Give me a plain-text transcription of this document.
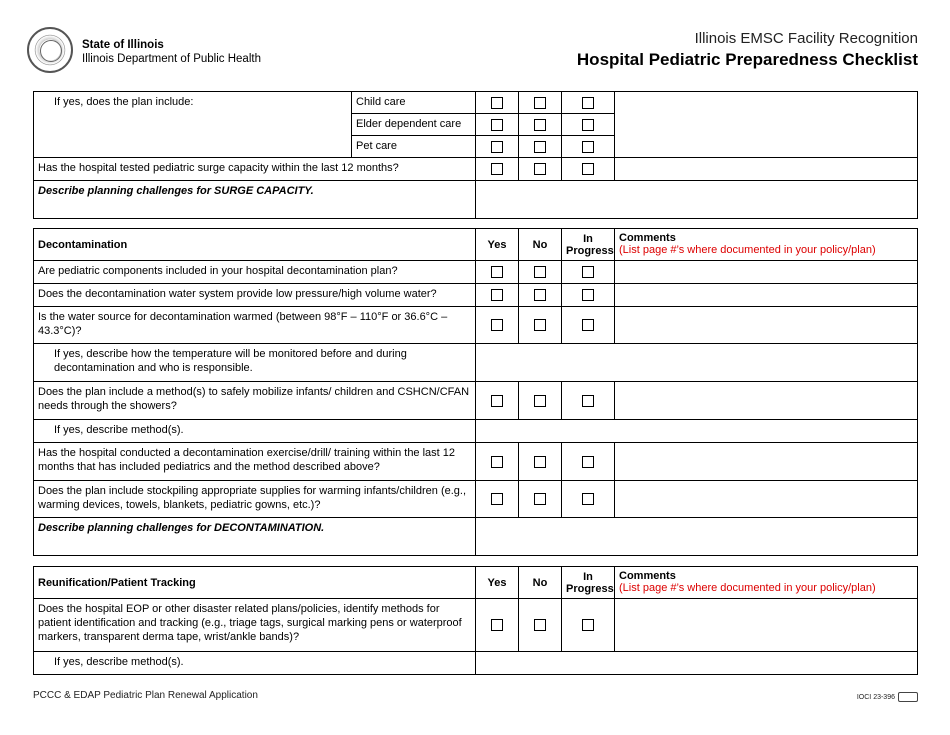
State of Illinois
Illinois Department of Public Health
Illinois EMSC Facility Recognition
Hospital Pediatric Preparedness Checklist
If yes, does the plan include:	Child care				
	Elder dependent care				
	Pet care				
Has the hospital tested pediatric surge capacity within the last 12 months?					
Describe planning challenges for SURGE CAPACITY.					
Decontamination	Yes	No	In Progress	Comments
(List page #’s where documented in your policy/plan)

Are pediatric components included in your hospital decontamination plan?				
Does the decontamination water system provide low pressure/high volume water?				
Is the water source for decontamination warmed (between 98°F – 110°F or 36.6°C – 43.3°C)?				
If yes, describe how the temperature will be monitored before and during decontamination and who is responsible.				
Does the plan include a method(s) to safely mobilize infants/ children and CSHCN/CFAN needs through the showers?				
If yes, describe method(s).				
Has the hospital conducted a decontamination exercise/drill/ training within the last 12 months that has included pediatrics and the method described above?				
Does the plan include stockpiling appropriate supplies for warming infants/children (e.g., warming devices, towels, blankets, pediatric gowns, etc.)?				
Describe planning challenges for DECONTAMINATION.				
Reunification/Patient Tracking	Yes	No	In Progress	Comments
(List page #’s where documented in your policy/plan)

Does the hospital EOP or other disaster related plans/policies, identify methods for patient identification and tracking (e.g., triage tags, surgical marking pens or waterproof markers, transparent derma tape, wrist/ankle bands)?				
If yes, describe method(s).				
PCCC & EDAP Pediatric Plan Renewal Application	IOCI 23-396
